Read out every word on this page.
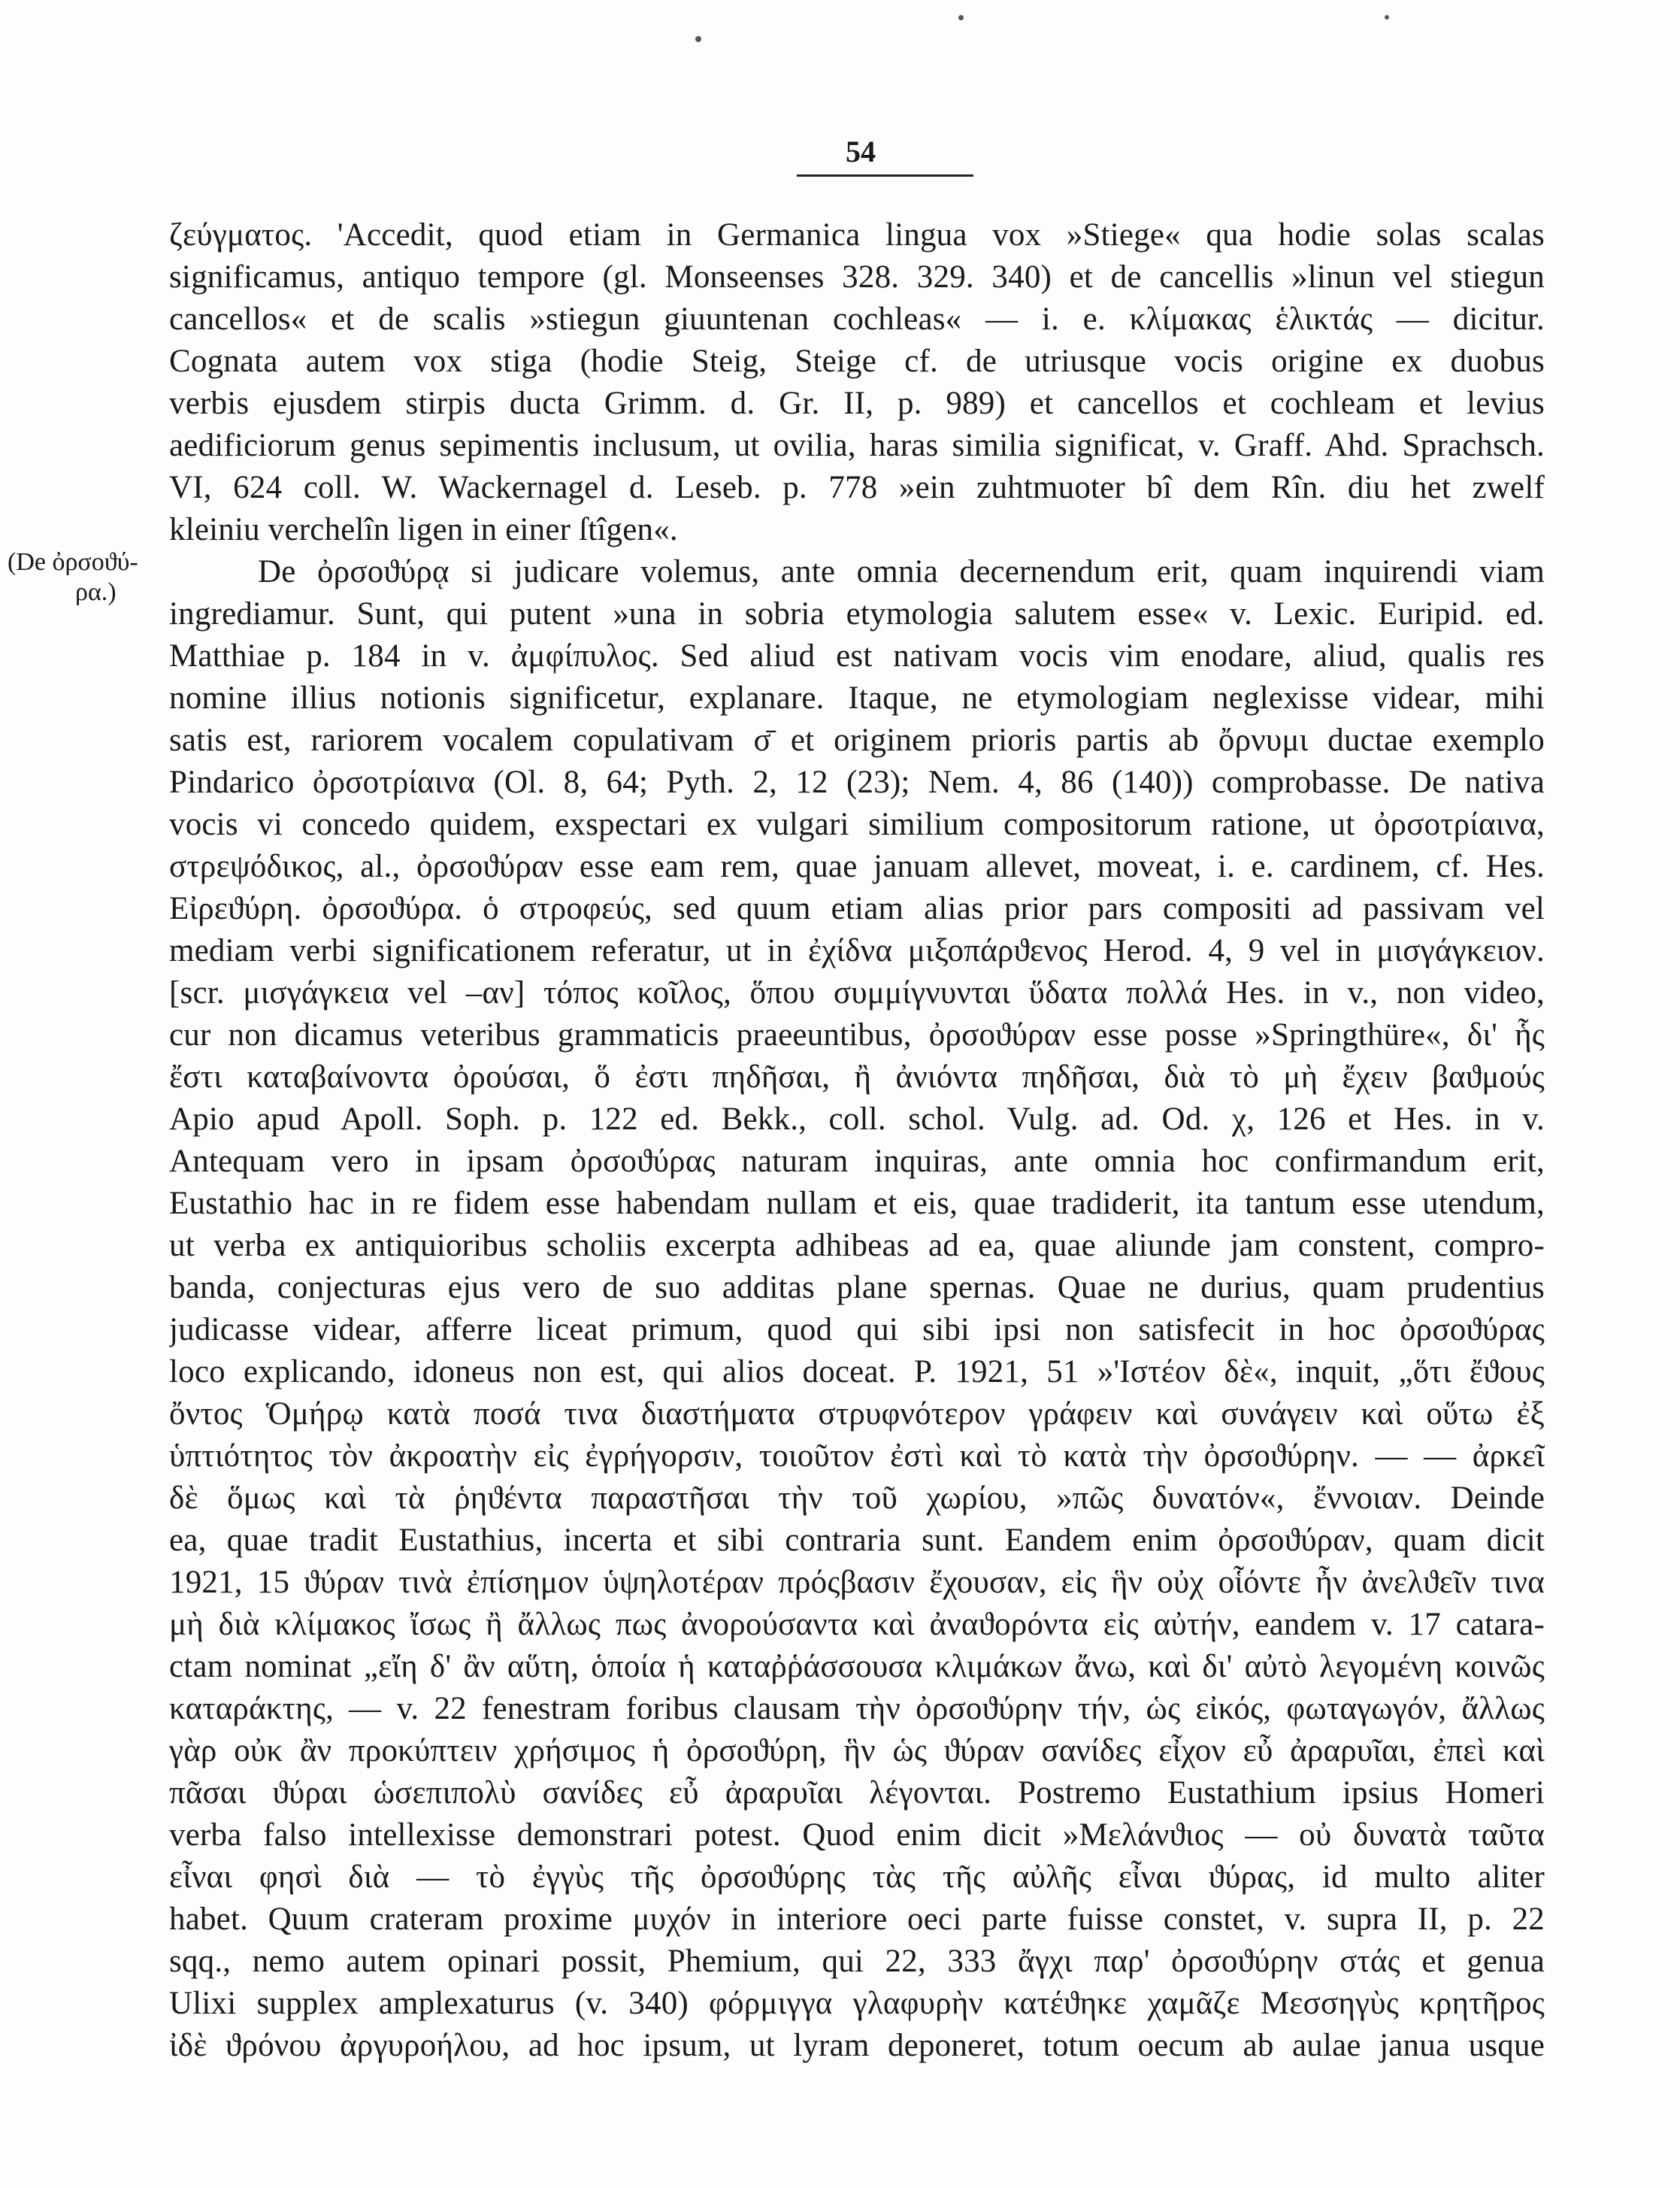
54
(De ὀρσοϑύ-
ρα.)
ζεύγματος. 'Accedit, quod etiam in Germanica lingua vox »Stiege« qua hodie solas scalas
significamus, antiquo tempore (gl. Monseenses 328. 329. 340) et de cancellis »linun vel stiegun
cancellos« et de scalis »stiegun giuuntenan cochleas« — i. e. κλίμακας ἑλικτάς — dicitur.
Cognata autem vox stiga (hodie Steig, Steige cf. de utriusque vocis origine ex duobus
verbis ejusdem stirpis ducta Grimm. d. Gr. II, p. 989) et cancellos et cochleam et levius
aedificiorum genus sepimentis inclusum, ut ovilia, haras similia significat, v. Graff. Ahd. Sprachsch.
VI, 624 coll. W. Wackernagel d. Leseb. p. 778 »ein zuhtmuoter bî dem Rîn. diu het zwelf
kleiniu verchelîn ligen in einer ſtîgen«.
De ὀρσοϑύρᾳ si judicare volemus, ante omnia decernendum erit, quam inquirendi viam
ingrediamur. Sunt, qui putent »una in sobria etymologia salutem esse« v. Lexic. Euripid. ed.
Matthiae p. 184 in v. ἀμφίπυλος. Sed aliud est nativam vocis vim enodare, aliud, qualis res
nomine illius notionis significetur, explanare. Itaque, ne etymologiam neglexisse videar, mihi
satis est, rariorem vocalem copulativam σ̄ et originem prioris partis ab ὄρνυμι ductae exemplo
Pindarico ὀρσοτρίαινα (Ol. 8, 64; Pyth. 2, 12 (23); Nem. 4, 86 (140)) comprobasse. De nativa
vocis vi concedo quidem, exspectari ex vulgari similium compositorum ratione, ut ὀρσοτρίαινα,
στρεψόδικος, al., ὀρσοϑύραν esse eam rem, quae januam allevet, moveat, i. e. cardinem, cf. Hes.
Εἰρεϑύρη. ὀρσοϑύρα. ὁ στροφεύς, sed quum etiam alias prior pars compositi ad passivam vel
mediam verbi significationem referatur, ut in ἐχίδνα μιξοπάρϑενος Herod. 4, 9 vel in μισγάγκειον.
[scr. μισγάγκεια vel –αν] τόπος κοῖλος, ὅπου συμμίγνυνται ὕδατα πολλά Hes. in v., non video,
cur non dicamus veteribus grammaticis praeeuntibus, ὀρσοϑύραν esse posse »Springthüre«, δι' ἧς
ἔστι καταβαίνοντα ὀρούσαι, ὅ ἐστι πηδῆσαι, ἢ ἀνιόντα πηδῆσαι, διὰ τὸ μὴ ἔχειν βαϑμούς
Apio apud Apoll. Soph. p. 122 ed. Bekk., coll. schol. Vulg. ad. Od. χ, 126 et Hes. in v.
Antequam vero in ipsam ὀρσοϑύρας naturam inquiras, ante omnia hoc confirmandum erit,
Eustathio hac in re fidem esse habendam nullam et eis, quae tradiderit, ita tantum esse utendum,
ut verba ex antiquioribus scholiis excerpta adhibeas ad ea, quae aliunde jam constent, compro-
banda, conjecturas ejus vero de suo additas plane spernas. Quae ne durius, quam prudentius
judicasse videar, afferre liceat primum, quod qui sibi ipsi non satisfecit in hoc ὀρσοϑύρας
loco explicando, idoneus non est, qui alios doceat. P. 1921, 51 »'Ιστέον δὲ«, inquit, „ὅτι ἔϑους
ὄντος Ὁμήρῳ κατὰ ποσά τινα διαστήματα στρυφνότερον γράφειν καὶ συνάγειν καὶ οὕτω ἐξ
ὑπτιότητος τὸν ἀκροατὴν εἰς ἐγρήγορσιν, τοιοῦτον ἐστὶ καὶ τὸ κατὰ τὴν ὀρσοϑύρην. — — ἀρκεῖ
δὲ ὅμως καὶ τὰ ῥηϑέντα παραστῆσαι τὴν τοῦ χωρίου, »πῶς δυνατόν«, ἔννοιαν. Deinde
ea, quae tradit Eustathius, incerta et sibi contraria sunt. Eandem enim ὀρσοϑύραν, quam dicit
1921, 15 ϑύραν τινὰ ἐπίσημον ὑψηλοτέραν πρόςβασιν ἔχουσαν, εἰς ἣν οὐχ οἷόντε ἦν ἀνελϑεῖν τινα
μὴ διὰ κλίμακος ἴσως ἢ ἄλλως πως ἀνορούσαντα καὶ ἀναϑορόντα εἰς αὐτήν, eandem v. 17 catara-
ctam nominat „εἴη δ' ἂν αὕτη, ὁποία ἡ καταῤῥάσσουσα κλιμάκων ἄνω, καὶ δι' αὐτὸ λεγομένη κοινῶς
καταράκτης, — v. 22 fenestram foribus clausam τὴν ὀρσοϑύρην τήν, ὡς εἰκός, φωταγωγόν, ἄλλως
γὰρ οὐκ ἂν προκύπτειν χρήσιμος ἡ ὀρσοϑύρη, ἣν ὡς ϑύραν σανίδες εἶχον εὖ ἀραρυῖαι, ἐπεὶ καὶ
πᾶσαι ϑύραι ὡσεπιπολὺ σανίδες εὖ ἀραρυῖαι λέγονται. Postremo Eustathium ipsius Homeri
verba falso intellexisse demonstrari potest. Quod enim dicit »Μελάνϑιος — οὐ δυνατὰ ταῦτα
εἶναι φησὶ διὰ — τὸ ἐγγὺς τῆς ὀρσοϑύρης τὰς τῆς αὐλῆς εἶναι ϑύρας, id multo aliter
habet. Quum crateram proxime μυχόν in interiore oeci parte fuisse constet, v. supra II, p. 22
sqq., nemo autem opinari possit, Phemium, qui 22, 333 ἄγχι παρ' ὀρσοϑύρην στάς et genua
Ulixi supplex amplexaturus (v. 340) φόρμιγγα γλαφυρὴν κατέϑηκε χαμᾶζε Μεσσηγὺς κρητῆρος
ἰδὲ ϑρόνου ἀργυροήλου, ad hoc ipsum, ut lyram deponeret, totum oecum ab aulae janua usque
